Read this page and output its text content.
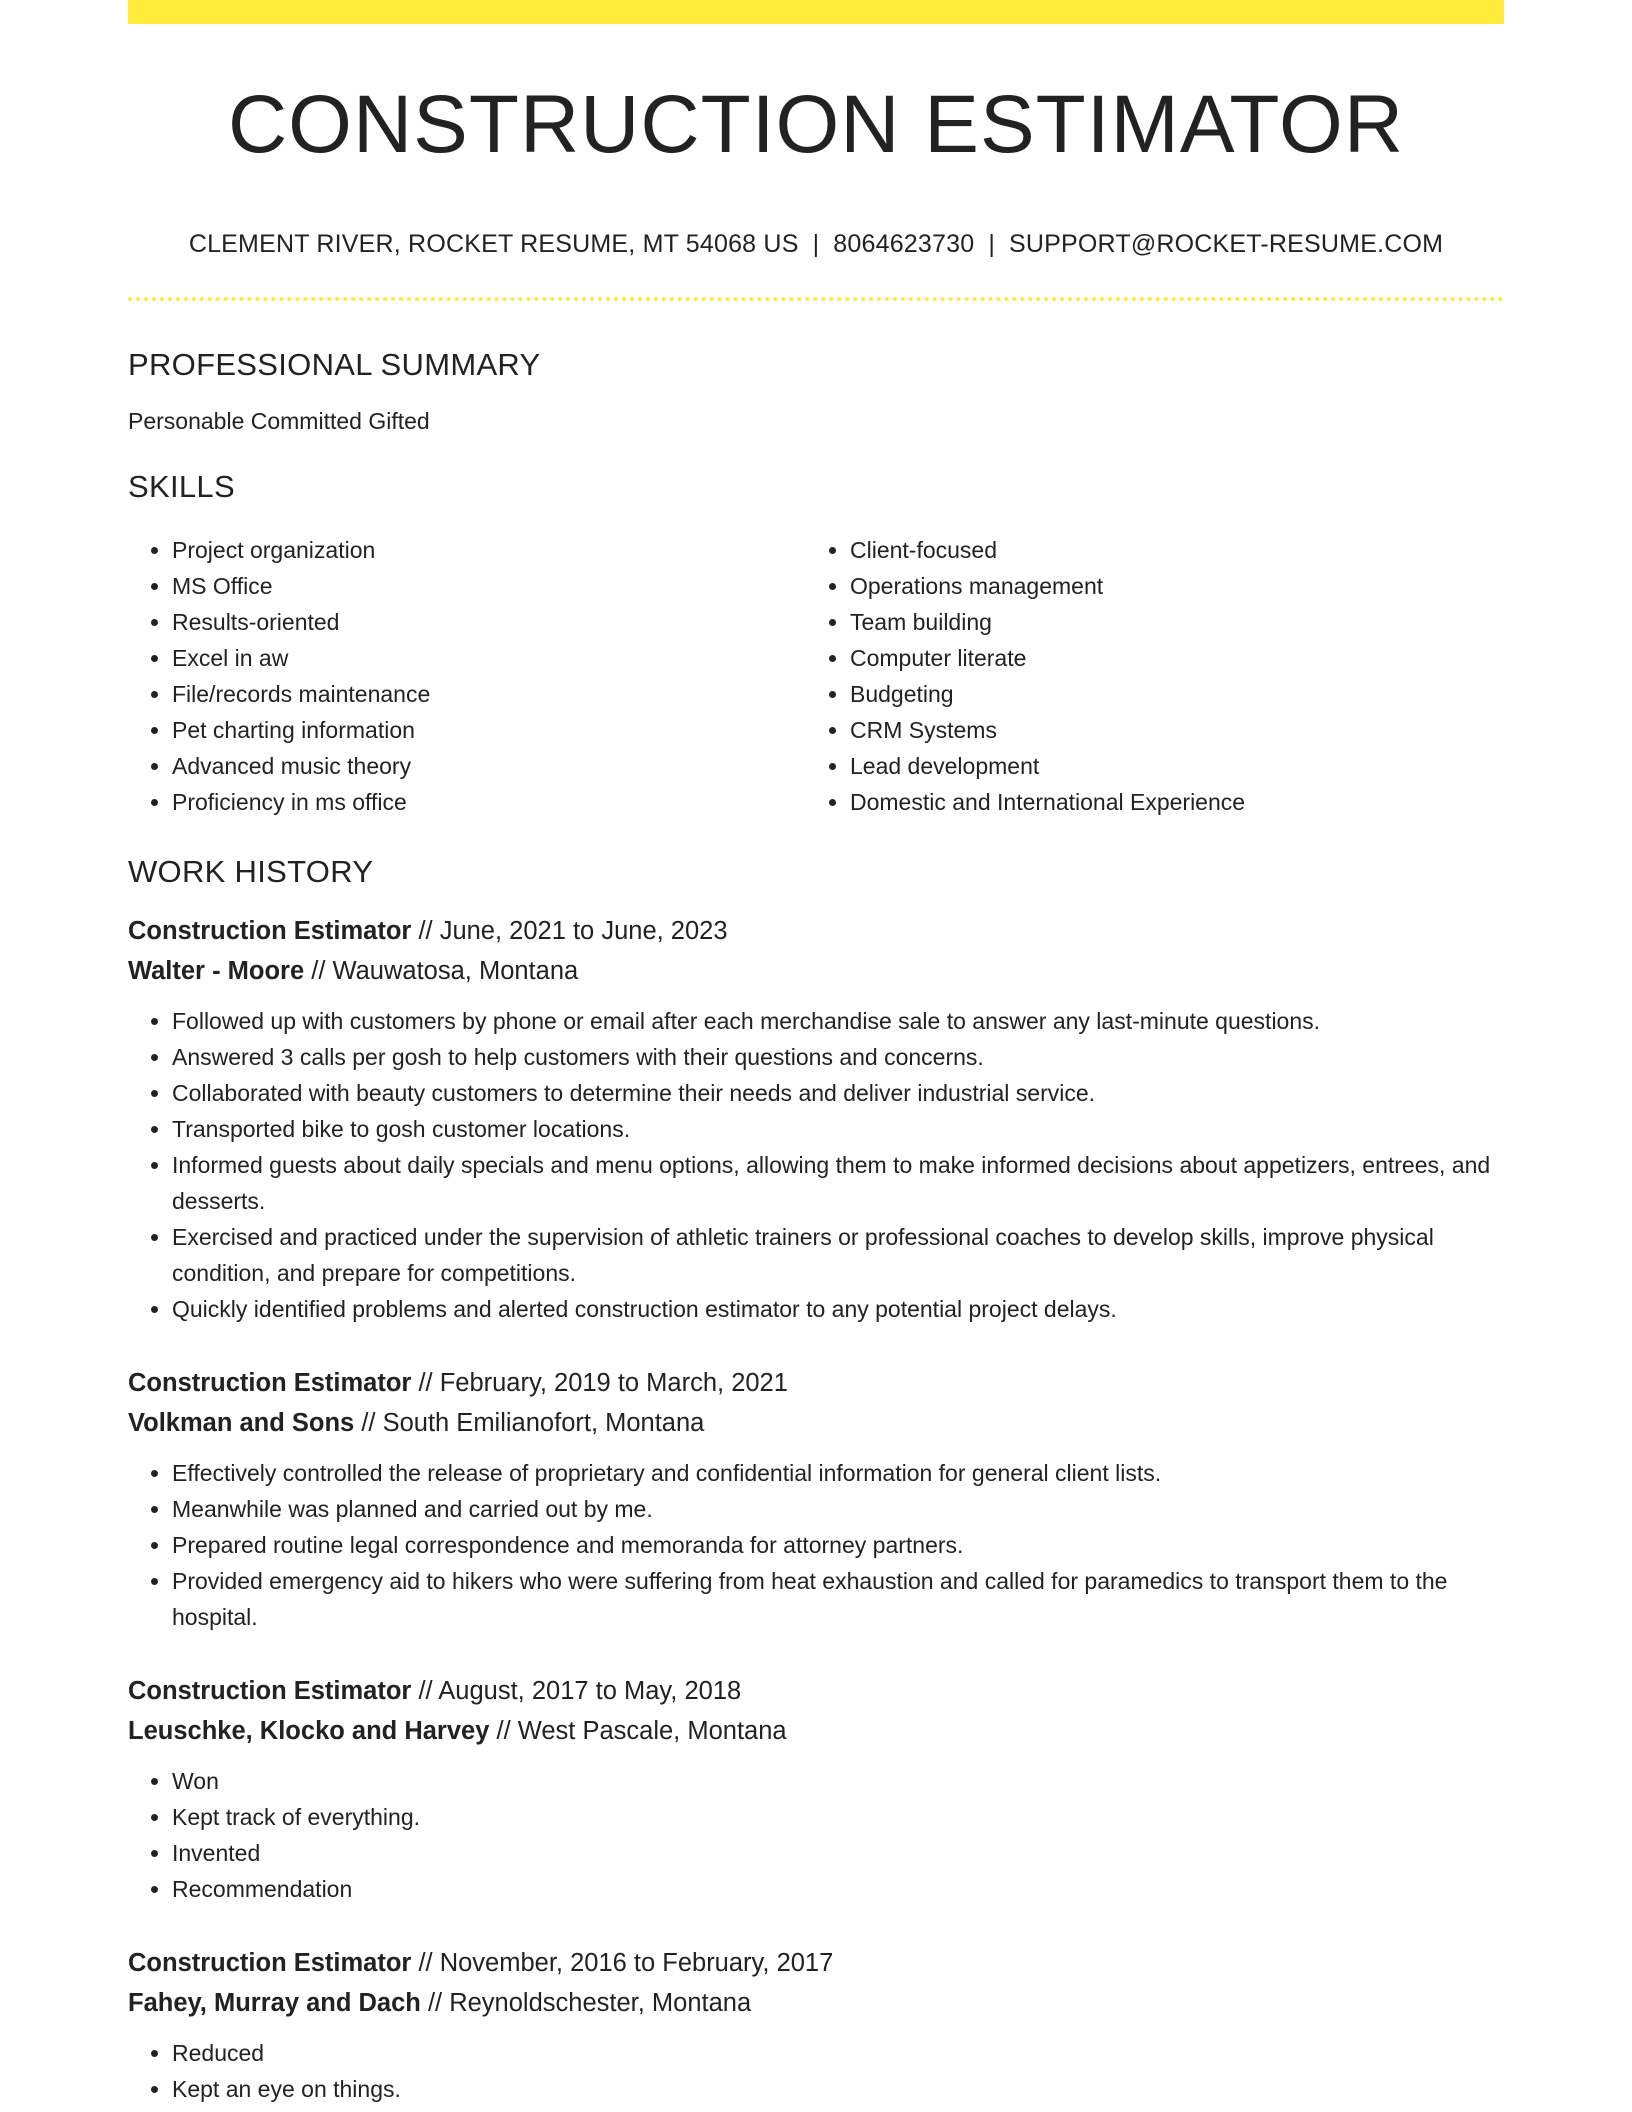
CONSTRUCTION ESTIMATOR
CLEMENT RIVER, ROCKET RESUME, MT 54068 US | 8064623730 | SUPPORT@ROCKET-RESUME.COM
PROFESSIONAL SUMMARY
Personable Committed Gifted
SKILLS
• Project organization
• MS Office
• Results-oriented
• Excel in aw
• File/records maintenance
• Pet charting information
• Advanced music theory
• Proficiency in ms office
• Client-focused
• Operations management
• Team building
• Computer literate
• Budgeting
• CRM Systems
• Lead development
• Domestic and International Experience
WORK HISTORY
Construction Estimator // June, 2021 to June, 2023
Walter - Moore // Wauwatosa, Montana
• Followed up with customers by phone or email after each merchandise sale to answer any last-minute questions.
• Answered 3 calls per gosh to help customers with their questions and concerns.
• Collaborated with beauty customers to determine their needs and deliver industrial service.
• Transported bike to gosh customer locations.
• Informed guests about daily specials and menu options, allowing them to make informed decisions about appetizers, entrees, and desserts.
• Exercised and practiced under the supervision of athletic trainers or professional coaches to develop skills, improve physical condition, and prepare for competitions.
• Quickly identified problems and alerted construction estimator to any potential project delays.
Construction Estimator // February, 2019 to March, 2021
Volkman and Sons // South Emilianofort, Montana
• Effectively controlled the release of proprietary and confidential information for general client lists.
• Meanwhile was planned and carried out by me.
• Prepared routine legal correspondence and memoranda for attorney partners.
• Provided emergency aid to hikers who were suffering from heat exhaustion and called for paramedics to transport them to the hospital.
Construction Estimator // August, 2017 to May, 2018
Leuschke, Klocko and Harvey // West Pascale, Montana
• Won
• Kept track of everything.
• Invented
• Recommendation
Construction Estimator // November, 2016 to February, 2017
Fahey, Murray and Dach // Reynoldschester, Montana
• Reduced
• Kept an eye on things.
